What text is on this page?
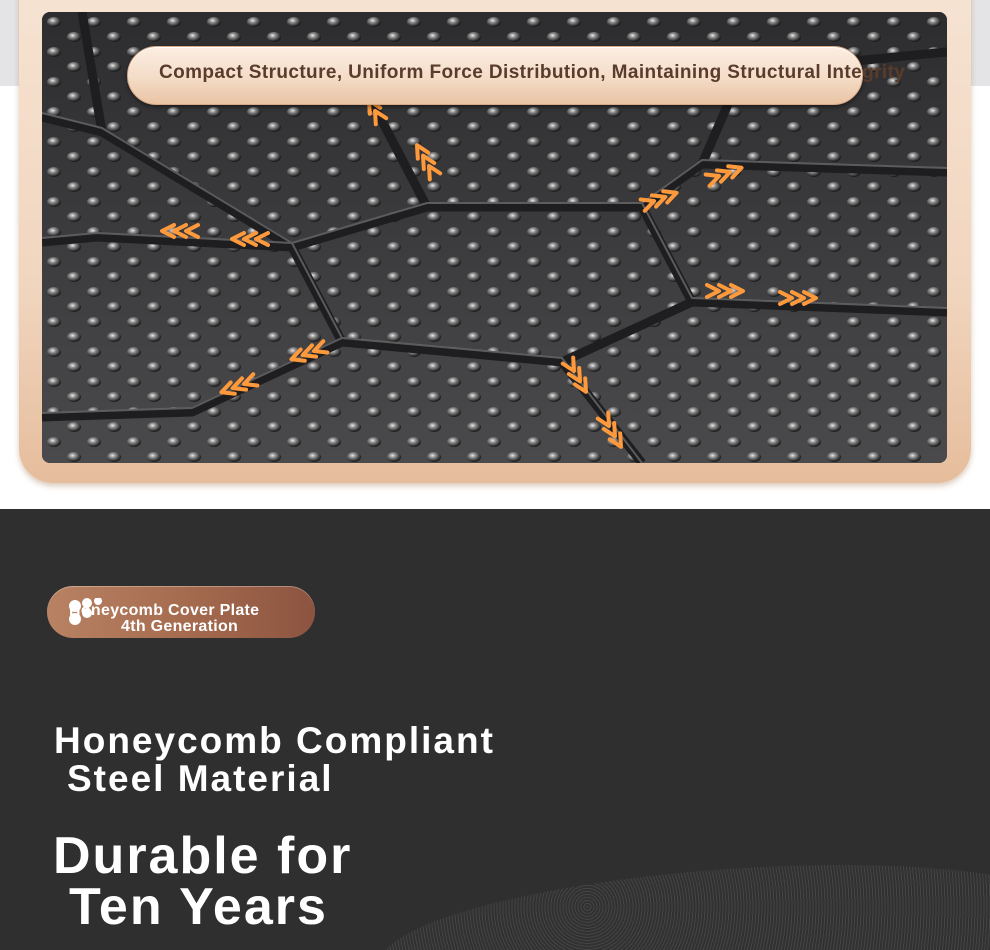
Compact Structure, Uniform Force Distribution, Maintaining Structural Integrity
Honeycomb Cover Plate
4th Generation
Honeycomb Compliant
Steel Material
Durable for
Ten Years
